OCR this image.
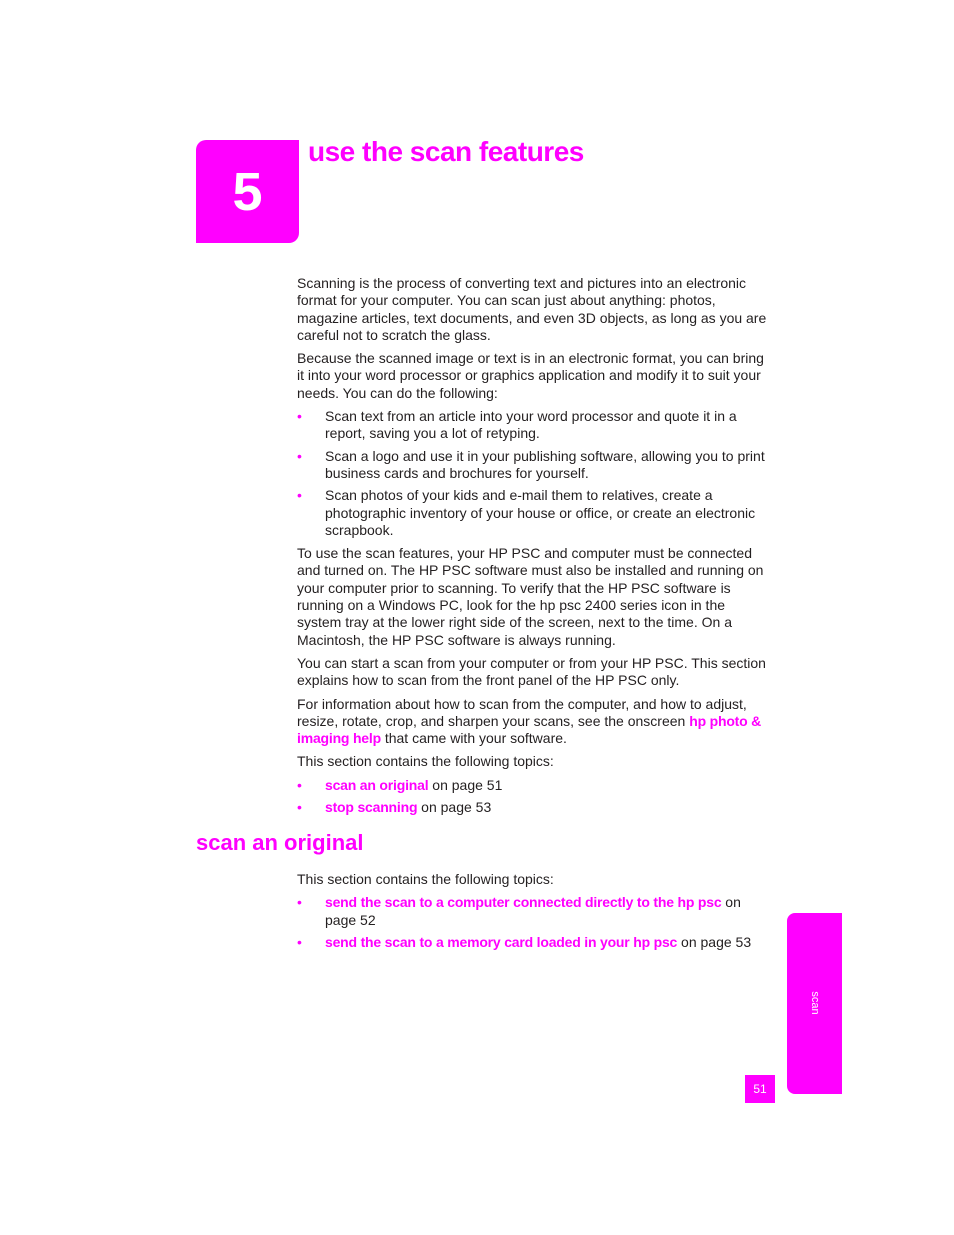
5
use the scan features

Scanning is the process of converting text and pictures into an electronic format for your computer. You can scan just about anything: photos, magazine articles, text documents, and even 3D objects, as long as you are careful not to scratch the glass.

Because the scanned image or text is in an electronic format, you can bring it into your word processor or graphics application and modify it to suit your needs. You can do the following:

• Scan text from an article into your word processor and quote it in a report, saving you a lot of retyping.
• Scan a logo and use it in your publishing software, allowing you to print business cards and brochures for yourself.
• Scan photos of your kids and e-mail them to relatives, create a photographic inventory of your house or office, or create an electronic scrapbook.

To use the scan features, your HP PSC and computer must be connected and turned on. The HP PSC software must also be installed and running on your computer prior to scanning. To verify that the HP PSC software is running on a Windows PC, look for the hp psc 2400 series icon in the system tray at the lower right side of the screen, next to the time. On a Macintosh, the HP PSC software is always running.

You can start a scan from your computer or from your HP PSC. This section explains how to scan from the front panel of the HP PSC only.

For information about how to scan from the computer, and how to adjust, resize, rotate, crop, and sharpen your scans, see the onscreen hp photo & imaging help that came with your software.

This section contains the following topics:

• scan an original on page 51
• stop scanning on page 53
scan an original

This section contains the following topics:

• send the scan to a computer connected directly to the hp psc on page 52
• send the scan to a memory card loaded in your hp psc on page 53
scan
51
